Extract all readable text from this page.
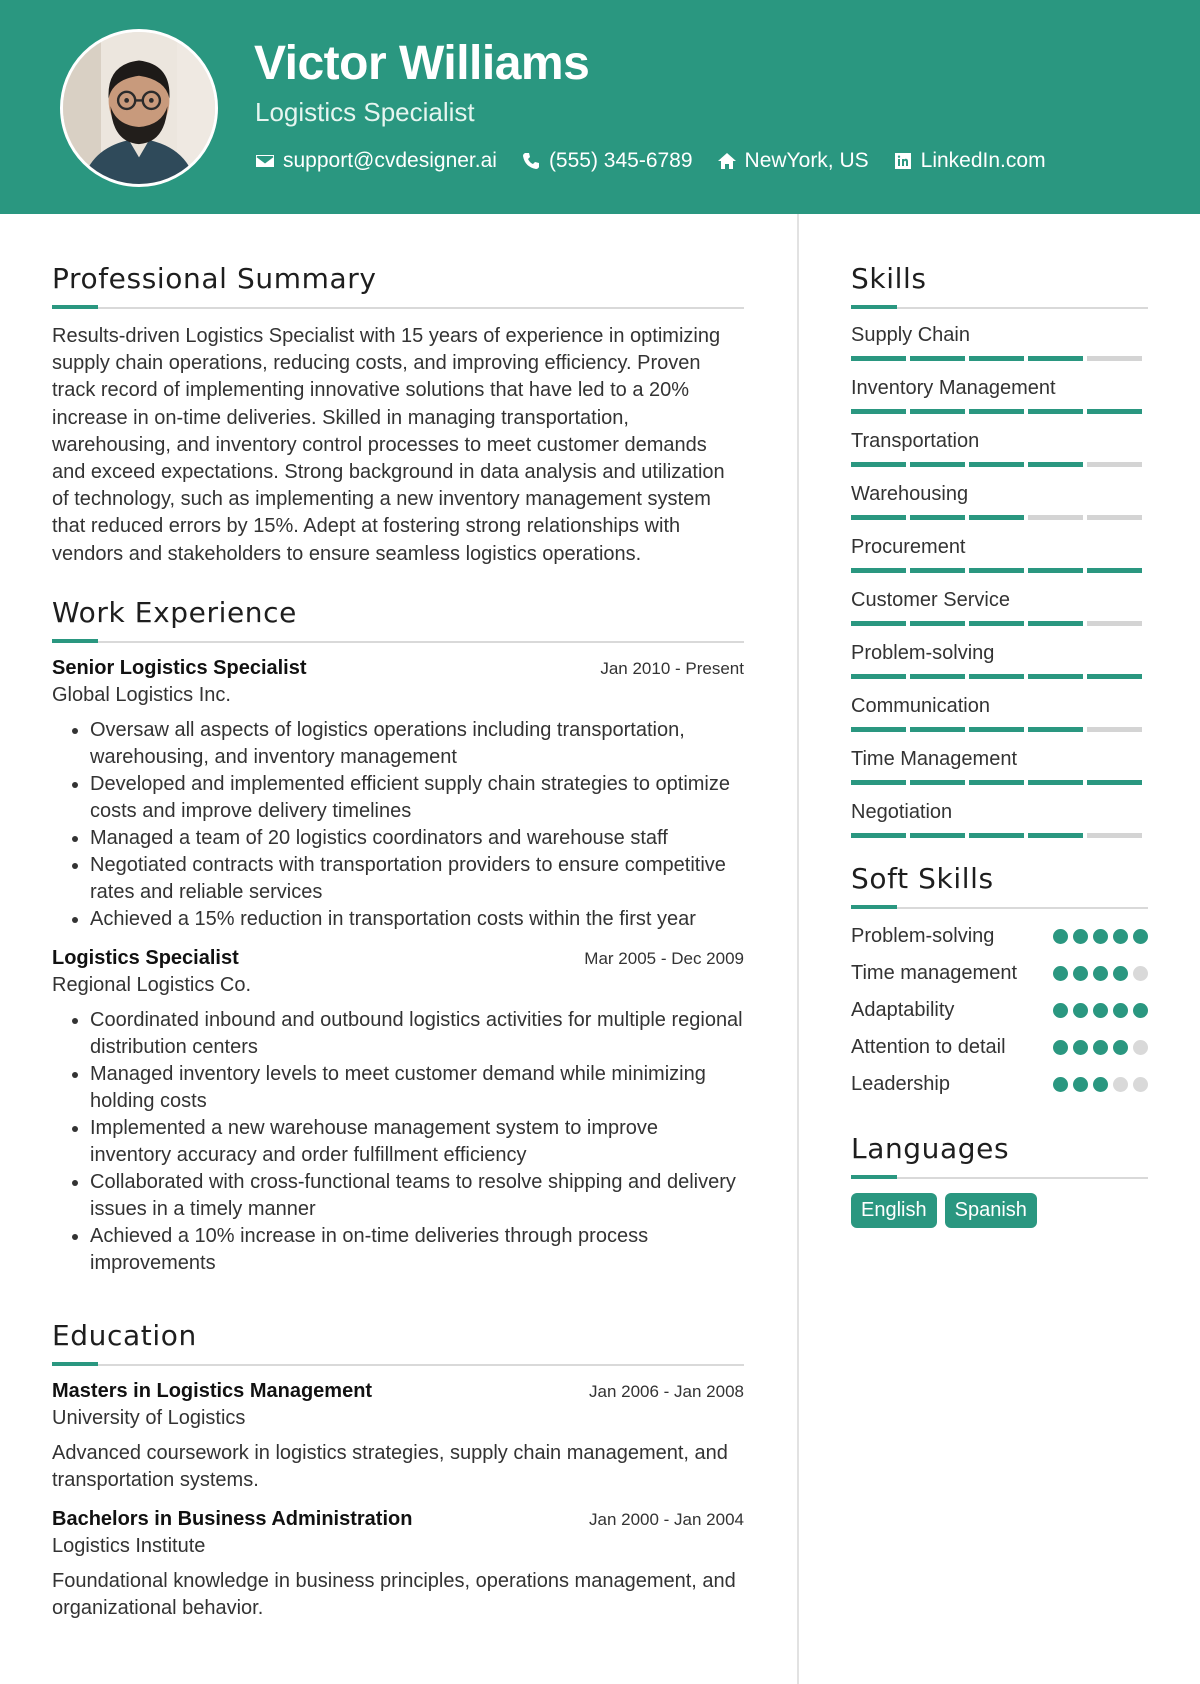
Victor Williams
Logistics Specialist
support@cvdesigner.ai (555) 345-6789 NewYork, US LinkedIn.com
Professional Summary

Results-driven Logistics Specialist with 15 years of experience in optimizing supply chain operations, reducing costs, and improving efficiency. Proven track record of implementing innovative solutions that have led to a 20% increase in on-time deliveries. Skilled in managing transportation, warehousing, and inventory control processes to meet customer demands and exceed expectations. Strong background in data analysis and utilization of technology, such as implementing a new inventory management system that reduced errors by 15%. Adept at fostering strong relationships with vendors and stakeholders to ensure seamless logistics operations.

Work Experience
Senior Logistics Specialist	Jan 2010 - Present
Global Logistics Inc.
• Oversaw all aspects of logistics operations including transportation, warehousing, and inventory management
• Developed and implemented efficient supply chain strategies to optimize costs and improve delivery timelines
• Managed a team of 20 logistics coordinators and warehouse staff
• Negotiated contracts with transportation providers to ensure competitive rates and reliable services
• Achieved a 15% reduction in transportation costs within the first year
Logistics Specialist	Mar 2005 - Dec 2009
Regional Logistics Co.
• Coordinated inbound and outbound logistics activities for multiple regional distribution centers
• Managed inventory levels to meet customer demand while minimizing holding costs
• Implemented a new warehouse management system to improve inventory accuracy and order fulfillment efficiency
• Collaborated with cross-functional teams to resolve shipping and delivery issues in a timely manner
• Achieved a 10% increase in on-time deliveries through process improvements
Education
Masters in Logistics Management	Jan 2006 - Jan 2008
University of Logistics

Advanced coursework in logistics strategies, supply chain management, and transportation systems.

Bachelors in Business Administration	Jan 2000 - Jan 2004
Logistics Institute

Foundational knowledge in business principles, operations management, and organizational behavior.

Skills
Supply Chain
Inventory Management
Transportation
Warehousing
Procurement
Customer Service
Problem-solving
Communication
Time Management
Negotiation
Soft Skills
Problem-solving
Time management
Adaptability
Attention to detail
Leadership
Languages
English	Spanish
